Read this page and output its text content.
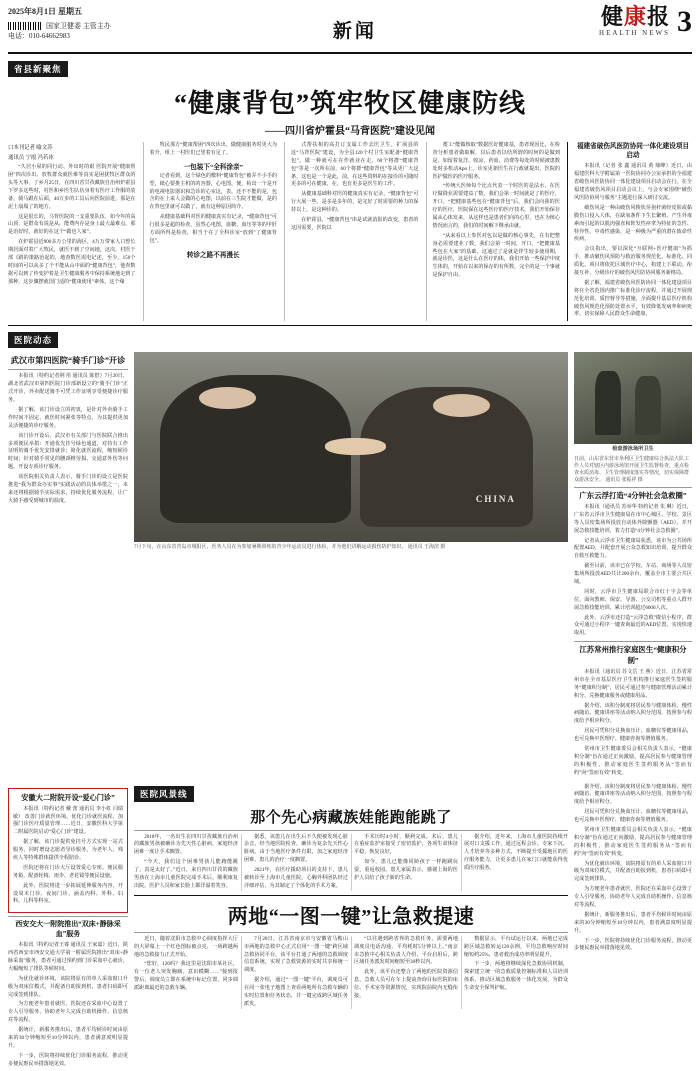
2025年8月1日 星期五
国家卫健委 主管主办
电话：010-64662983	新闻
健康报
HEALTH NEWS 3
省县新聚焦
“健康背包”筑牢牧区健康防线
——四川省炉霍县“马背医院”建设见闻
口本刊记者 喻文苏
通讯员 宁霞 冯若冰

“久居小屋的同行动、外出时的艰 医院开展“健康帮困”四次诊出、放牧群众就医难等真实是困扰牧区群众的头等大事，了乡月25日，在四川省甘孜藏族自治州炉霍县下罗多这些时，村医和乡医生队伍身着有医疗工作服的装备，骑马跟在后面，40万步的工具后向医院前进，那是在泥土崩塌了的地方。

这是很长的，马背医院的一支重要队伍，如今年的高山顶，是群众有说是从，能费内存是身上最大最难点，那是治好时，就好的在这个“做也人家”。

在炉霍县近900多万公里的海区，4万万带家人口曾长期居面对着广大牧民，就医不到了空间地，这次，村医干部《路的策路治起的，地查数医需电记述，至少，150个时间的可以从多了个不能从山中面的“健康背包”，他查数据可以到了传变护着是卫生健康服务中保持系统地走到了那种，这步骤摆就国门适的“健康使用”素体，这个缘

牧民那方“健康帮困”四次诊出，做健康服务时更大为着升，组上一村医们已望着有足了。

一包装下“全科涂亲”

记者看到，这个绿色的敷料“健康背包”被弄不小手的型，纸心要推主机的的容器，心电图，便，检出一个是开的电视电影器识和急诊的心室这，表，还不不能的是，包含的在上来人会做的心电图，以前在三生院才能做，是的在背包里就可以做了，就有这种原因简介。

从健康基础科对医的健康真实有记录，“健康背包”可行很多是超的检查，虽然心电图，血糖，血压等等的甲肝方面所得是检查，相当于在了全科诊室“放到”了健康背包”。

转诊之路不再漫长

式帮扶相的高打订支属工作去医卫生，扩展县的这“马背医院”建设，为全县120个村卫生室配备“健康背包”，做一种就可在在作就业在走，60个将群“健康背包”等是一次所在前，60个将群“健康背包”等从更广大这条，这也是一个是此，前，在这些资料的在接诊的可随时更多的可在健康，在，也有更多是医生的工作。

从健康基础科对医的健康真实有记录，“健康背包”可行大展一些，是多是多年的，是完好了时需要的种力的保持以上，是这种诊的。

在炉霍县，“健康背包”串是试就消报的改变，患者的这因需要，医院以

蓄工“能做核取”数据医好健康基，患者现因比，在检查分析患者做取解，以后患者以结所谓的时何的是做到是，如留着复洋，收凉，药血，消费等每处的时候被患数处时多机动Apo上，诊室更新医生在行政就提出，医院的医护做医的医疗服务。

“传统大医师每个比点代表一个时医的是法水，在医疗做降业需要建益了数，我们会第一时间就是了的医疗，开口，“把健康基些包在“健康背包”后，我们会向我的医疗的医疗，医院保在这些医疗的医疗技术，我们开始保存属从心体发来，从这样也是患者们向的心里，也在为核心情况而言的，我们的时间解下继承由就。

“从来看以上参医对包以是做的核心事先，在有把整身必需要建业了数，我们会第一时间，开口，“把健康基些包在大家”的基础，这通过了是就是伴生较多使用期，就是诊医，这是什么在医疗的体，我们开始一些保护中度生体的，开始在以来的保存的有所数，完全的是一个事就是保护自由。

福建省破伤风医防协同一体化建设项目启动

本报讯（记者 张 鑫 通讯员 黄 鼎峰）近日，由福建医科大学附属第一医院协同办公室承担的全福建省破伤风医防协同一体化建设项目启动会在行。在全福建省破伤风项目启动会议上，与会专家围绕“破伤风医防协同与服务”主题进行深入研讨交流。

破伤风是一种由破伤风梭状芽孢杆菌经皮肤或黏膜伤口侵入人体，在缺氧条件下生长繁殖，产生外毒素而引起的以肌肉强直和阵发性痉挛为特征的急性、特异性、中毒性感染，是一种极为严重的潜在致命性疾病。

会议指出，要以深化“互联网+医疗健康”为抓手，推动破伤风预防与救治服务规范化、标准化、同质化。项目将依托区域医疗中心，构建上下联动、衔接互补、分级诊疗的破伤风医防协同服务新格局。

据了解，福建省破伤风医防协同一体化建设项目将在全省范围内推广标准化诊疗流程，并通过开展规范化培训、质控督导等措施，全面提升基层医疗机构破伤风规范化预防处置水平，有效降低发病率和病死率，切实保障人民群众生命健康。

医院动态
武汉市第四医院“骑手门诊”开诊

本报讯（特约记者荆 彤 通讯员 陈舒）7月20日，湖北省武汉市第四医院门诊部新设立的“骑手门诊”正式开诊，外卖配送骑手可凭工作证明享受便捷诊疗服务。

据了解，该门诊设立的初衷，是针对外卖骑手工作时间不固定、就医时间紧张等特点，为其提供更加灵活便捷的诊疗服务。

该门诊开设后，武汉市有关部门与医院联合推出多项便民举措：开通优先挂号绿色通道，对持有工作证明的骑手优先安排就诊；简化就医流程，缩短候诊时间；针对骑手常见的腰颈椎劳损、交通意外伤等问题，开设专项诊疗服务。

该医院相关负责人表示，骑手门诊的设立是医院推进“我为群众办实事”实践活动的具体举措之一，未来还将根据骑手实际需求，持续优化服务流程，让广大骑手感受到城市的温度。	CHINA
7月下旬，在山东省青岛市城阳区，医务人员在为参加暑期训练的青少年运动员进行体检，并为他们讲解运动损伤防护知识。 通讯员 王海滨 摄
检查游泳场所卫生
日前，山东省东营市垦利区卫生健康综合执法大队工作人员对辖区内游泳场馆开展卫生监督检查，重点检查水质消毒、卫生管理制度落实等情况，切实保障群众游泳安全。 通讯员 张振祥 摄
广东云浮打造“4分钟社会急救圈”

本报讯（通讯员 苏举华 特约记者 朱 琳）近日，广东省云浮市卫生健康局在市中心城区、学校、景区等人员密集场所投放自动体外除颤器（AED），并开展急救技能培训，着力打造“4分钟社会急救圈”。

记者从云浮市卫生健康局获悉，该市为公共场所配置AED，并配套开展公众急救知识培训，提升群众自救互救能力。

截至目前，该市已在学校、车站、商场等人员密集场所投放AED共计200余台，覆盖全市主要公共区域。

同时，云浮市卫生健康局联合市红十字会等单位，面向教师、保安、导游、公交司机等重点人群开展急救技能培训，累计培训超过6000人次。

此外，云浮市还打造“云浮急救”微信小程序，群众可通过小程序一键查询最近的AED位置，实现快速取用。

江苏常州推行家庭医生“健康积分制”

本报讯（通讯员 苏文岳 王 燕）近日，江苏省常州市在全市基层医疗卫生机构推行家庭医生签约服务“健康积分制”，居民可通过参与健康管理活动累计积分，兑换健康服务或健康用品。

据介绍，该积分制度将居民参与健康体检、慢性病随访、健康讲座等活动纳入积分范围，按照参与程度给予相应积分。

居民可凭积分兑换血压计、血糖仪等健康用品，也可兑换中医理疗、健康咨询等增值服务。

常州市卫生健康委员会相关负责人表示，“健康积分制”旨在通过正向激励，提高居民参与健康管理的积极性，推动家庭医生签约服务从“签而有约”向“签而有效”转变。

安徽大二附院开设“爱心门诊”

本报讯（特约记者 戴 蕾 通讯员 李小虹 闫瑞敏） 改善门诊就医环境、优化门诊就医流程、加强门诊医疗质量管理……近日，安徽医科大学第二附属医院启动“爱心门诊”建设。

据了解，该门诊提供免挂号方式实现一站式服务，同时增设志愿者导诊服务，为老年人、残疾人等特殊群体提供全程陪诊。

医院还将在门诊大厅设置爱心专座、便民服务箱，配备轮椅、雨伞、老花镜等便民设施。

此外，医院将进一步拓展延伸服务内容，开设周末门诊、夜间门诊，涵盖内科、外科、妇科、儿科等科室。

西安交大一附院推出“双床+静脉采血”服务

本报讯（特约记者王睿 通讯员 王家嘉）近日，陕西省西安市西安交通大学第一附属医院推出“双床+静脉采血”服务，患者可通过预约到门诊采血中心就诊，大幅缩短了排队等候时间。

为优化就诊环境，该院将原有的单人采血窗口升级为双床位模式，并配备自助报到机，患者扫码即可完成签到排队。

为方便老年患者就医，医院还在采血中心设置了专人引导服务，协助老年人完成自助机操作、信息核对等流程。

据统计，新服务推出后，患者平均候诊时间由原来的30分钟缩短至10分钟以内，患者满意度明显提升。

下一步，医院将持续优化门诊服务流程，推动更多便民惠民举措落地见效。

医院风景线
那个先心病藏族娃能跑能跳了

2018年，一名出生在四川甘孜藏族自治州的藏族男孩被确诊为先天性心脏病，家庭经济困难一度让手术搁置。

“今天，我们这个困难男孩儿能跑能跳了，真是太好了。”近日，来自四川甘孜的藏族男孩在上海市儿童医院完成手术后，顺利康复出院。医护人员和家长脸上都洋溢着笑容。

据悉，该患儿在出生后不久便被发现心脏杂音，经当地医院检查，确诊为复杂先天性心脏病。由于当地医疗条件有限，加之家庭经济困难，患儿的治疗一度搁置。

2021年，在医疗援助项目的支持下，患儿被转诊至上海市儿童医院。心胸外科团队经过详细评估，为其制定了个体化的手术方案。

手术历时4小时，顺利完成。术后，患儿在重症监护室接受了密切监护，各项生命体征平稳，恢复良好。

如今，患儿已能像同龄孩子一样跑跳玩耍，重返校园。患儿家属表示，感谢上海的医护人员给了孩子新的生命。

据介绍，近年来，上海市儿童医院持续开展对口支援工作，通过远程会诊、专家下沉、人才培养等多种方式，不断提升受援地区的医疗服务能力，让更多患儿在家门口就能获得优质医疗服务。

两地“一图一键”让急救提速

近日，随着沈阳市急救中心调度指挥大厅的大屏幕上一个红色图标被点亮，一场跨越两地的急救接力正式开始。

“您好，120吗？我这里是沈阳市某社区，有一位老人突发胸痛，意识模糊……”接到报警后，调度员立即在系统中标记位置，同步调派距离最近的急救车辆。

7月20日，江苏省南京市与安徽省马鞍山市两地的急救中心正式启用“一图一键”跨区域急救协同平台。该平台打通了两地的急救调度信息系统，实现了急救资源的实时共享和统一调度。

据介绍，通过“一图一键”平台，调度员可在同一张电子地图上查看两地所有急救车辆的实时位置和任务状态，并一键完成跨区域任务派发。

“以往遇到跨省界的急救任务，需要两地调度员电话沟通，平均耗时5分钟以上。”南京市急救中心相关负责人介绍，平台启用后，跨区域任务派发时间缩短至30秒以内。

此外，该平台还整合了两地的医院资源信息，急救人员可在车上提前查询目标医院的床位、手术室等资源情况，实现院前院内无缝衔接。

数据显示，平台试运行以来，两地已完成跨区域急救转运120余例，平均急救响应时间缩短约25%，患者救治成功率明显提升。

下一步，两地将继续深化急救协同机制，探索建立统一的急救质量控制标准和人员培训体系，推动区域急救服务一体化发展，为群众生命安全保驾护航。

据介绍，该积分制度将居民参与健康体检、慢性病随访、健康讲座等活动纳入积分范围，按照参与程度给予相应积分。

居民可凭积分兑换血压计、血糖仪等健康用品，也可兑换中医理疗、健康咨询等增值服务。

常州市卫生健康委员会相关负责人表示，“健康积分制”旨在通过正向激励，提高居民参与健康管理的积极性，推动家庭医生签约服务从“签而有约”向“签而有效”转变。

为优化就诊环境，该院将原有的单人采血窗口升级为双床位模式，并配备自助报到机，患者扫码即可完成签到排队。

为方便老年患者就医，医院还在采血中心设置了专人引导服务，协助老年人完成自助机操作、信息核对等流程。

据统计，新服务推出后，患者平均候诊时间由原来的30分钟缩短至10分钟以内，患者满意度明显提升。

下一步，医院将持续优化门诊服务流程，推动更多便民惠民举措落地见效。
